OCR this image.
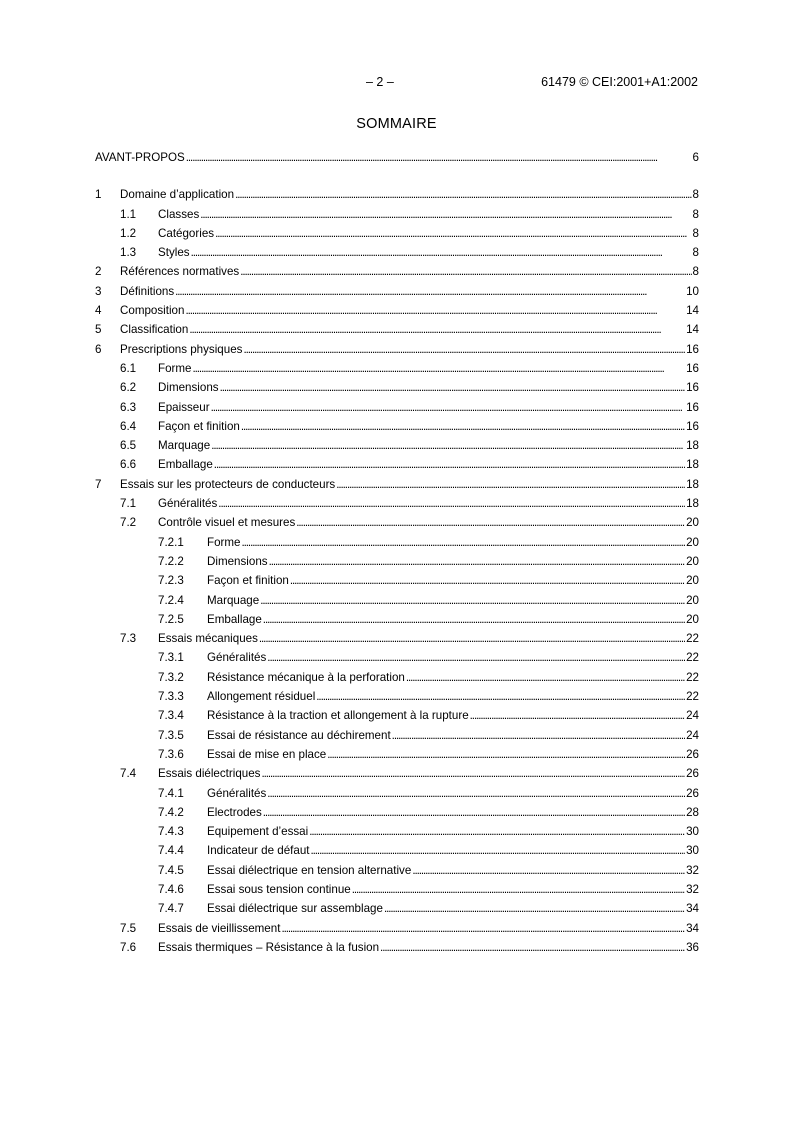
– 2 –	61479 © CEI:2001+A1:2002
SOMMAIRE
AVANT-PROPOS . . .	6
1 Domaine d’application . . .	8
1.1 Classes . . .	8
1.2 Catégories . . .	8
1.3 Styles . . .	8
2 Références normatives . . .	8
3 Définitions . . .	10
4 Composition . . .	14
5 Classification . . .	14
6 Prescriptions physiques . . .	16
6.1 Forme . . .	16
6.2 Dimensions . . .	16
6.3 Epaisseur . . .	16
6.4 Façon et finition . . .	16
6.5 Marquage . . .	18
6.6 Emballage . . .	18
7 Essais sur les protecteurs de conducteurs . . .	18
7.1 Généralités . . .	18
7.2 Contrôle visuel et mesures . . .	20
7.2.1 Forme . . .	20
7.2.2 Dimensions . . .	20
7.2.3 Façon et finition . . .	20
7.2.4 Marquage . . .	20
7.2.5 Emballage . . .	20
7.3 Essais mécaniques . . .	22
7.3.1 Généralités . . .	22
7.3.2 Résistance mécanique à la perforation . . .	22
7.3.3 Allongement résiduel . . .	22
7.3.4 Résistance à la traction et allongement à la rupture . . .	24
7.3.5 Essai de résistance au déchirement . . .	24
7.3.6 Essai de mise en place . . .	26
7.4 Essais diélectriques . . .	26
7.4.1 Généralités . . .	26
7.4.2 Electrodes . . .	28
7.4.3 Equipement d’essai . . .	30
7.4.4 Indicateur de défaut . . .	30
7.4.5 Essai diélectrique en tension alternative . . .	32
7.4.6 Essai sous tension continue . . .	32
7.4.7 Essai diélectrique sur assemblage . . .	34
7.5 Essais de vieillissement . . .	34
7.6 Essais thermiques – Résistance à la fusion . . .	36
